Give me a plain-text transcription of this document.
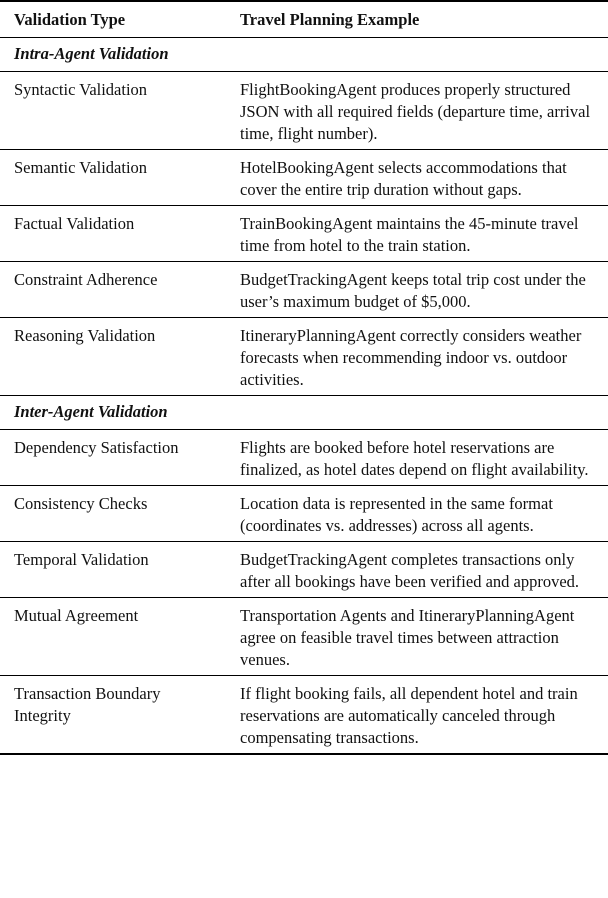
Validation Type	Travel Planning Example
Intra-Agent Validation	
Syntactic Validation	FlightBookingAgent produces properly structured JSON with all required fields (departure time, arrival time, flight number).
Semantic Validation	HotelBookingAgent selects accommodations that cover the entire trip duration without gaps.
Factual Validation	TrainBookingAgent maintains the 45-minute travel time from hotel to the train station.
Constraint Adherence	BudgetTrackingAgent keeps total trip cost under the user’s maximum budget of $5,000.
Reasoning Validation	ItineraryPlanningAgent correctly considers weather forecasts when recommending indoor vs. outdoor activities.
Inter-Agent Validation	
Dependency Satisfaction	Flights are booked before hotel reservations are finalized, as hotel dates depend on flight availability.
Consistency Checks	Location data is represented in the same format (coordinates vs. addresses) across all agents.
Temporal Validation	BudgetTrackingAgent completes transactions only after all bookings have been verified and approved.
Mutual Agreement	Transportation Agents and ItineraryPlanningAgent agree on feasible travel times between attraction venues.
Transaction Boundary Integrity	If flight booking fails, all dependent hotel and train reservations are automatically canceled through compensating transactions.
